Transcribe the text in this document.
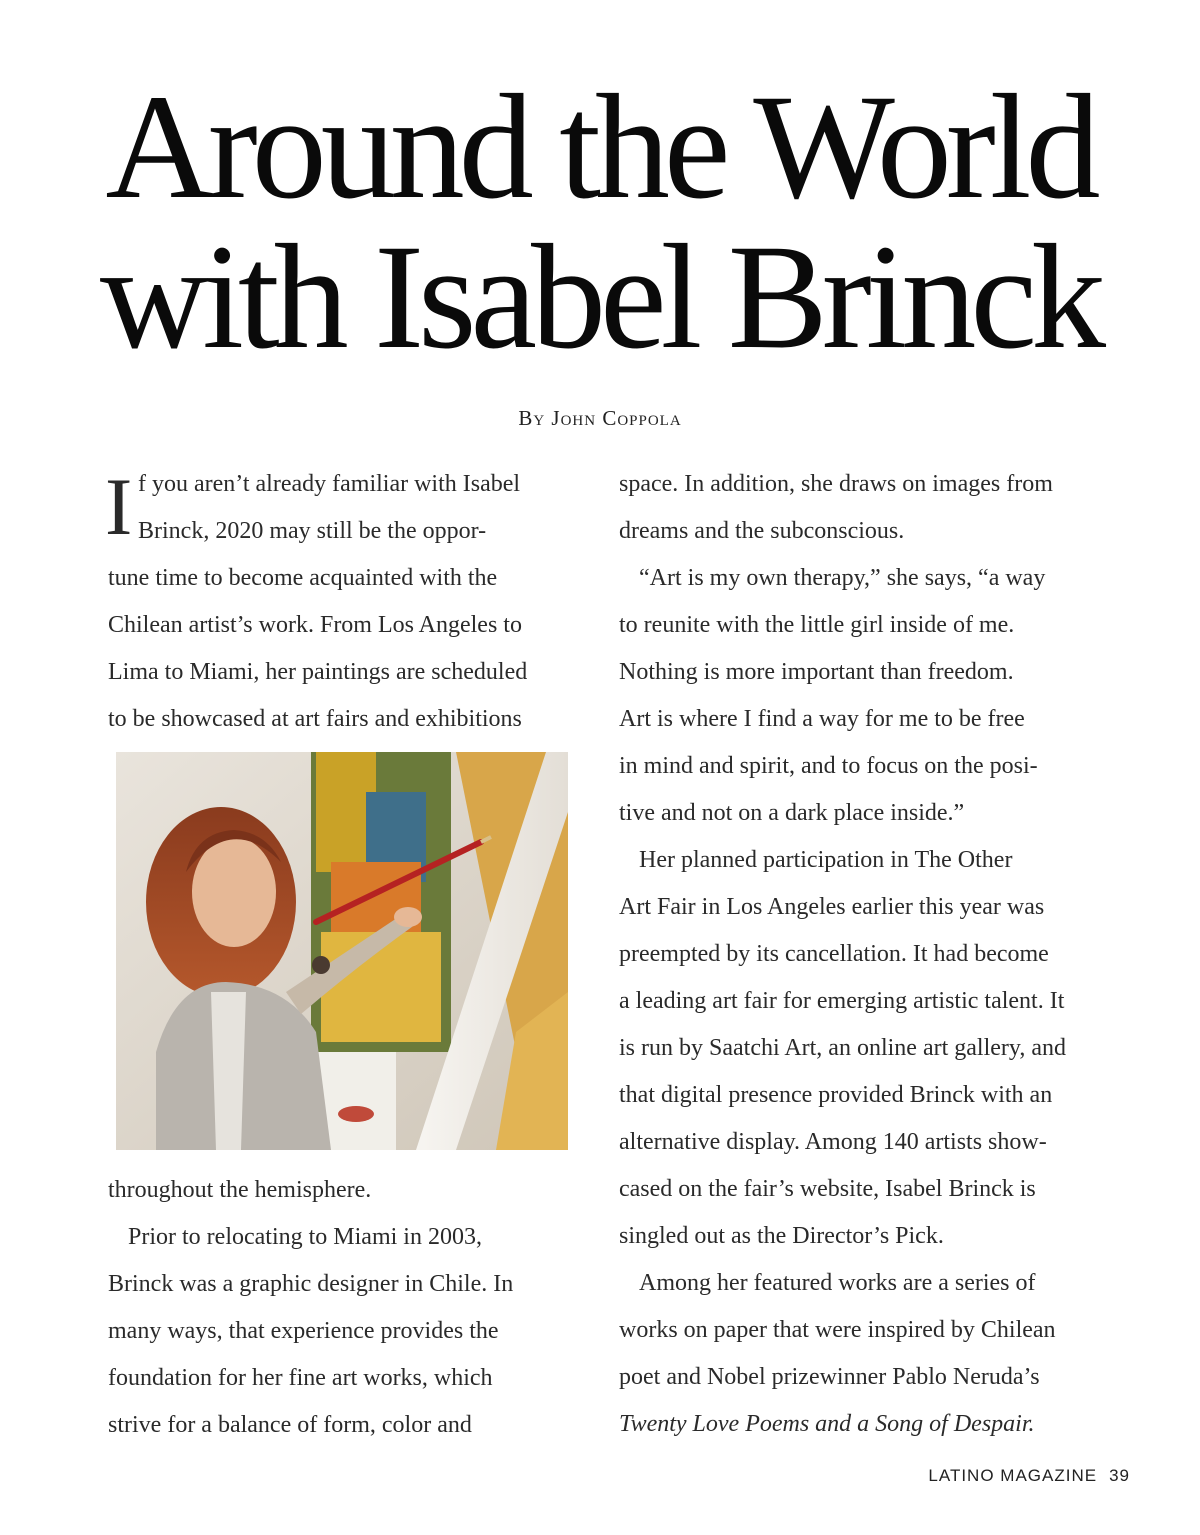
Around the World
with Isabel Brinck
By John Coppola
I f you aren’t already familiar with Isabel
Brinck, 2020 may still be the oppor-
tune time to become acquainted with the
Chilean artist’s work. From Los Angeles to
Lima to Miami, her paintings are scheduled
to be showcased at art fairs and exhibitions
throughout the hemisphere.
Prior to relocating to Miami in 2003,
Brinck was a graphic designer in Chile. In
many ways, that experience provides the
foundation for her fine art works, which
strive for a balance of form, color and
space. In addition, she draws on images from
dreams and the subconscious.
“Art is my own therapy,” she says, “a way
to reunite with the little girl inside of me.
Nothing is more important than freedom.
Art is where I find a way for me to be free
in mind and spirit, and to focus on the posi-
tive and not on a dark place inside.”
Her planned participation in The Other
Art Fair in Los Angeles earlier this year was
preempted by its cancellation. It had become
a leading art fair for emerging artistic talent. It
is run by Saatchi Art, an online art gallery, and
that digital presence provided Brinck with an
alternative display. Among 140 artists show-
cased on the fair’s website, Isabel Brinck is
singled out as the Director’s Pick.
Among her featured works are a series of
works on paper that were inspired by Chilean
poet and Nobel prizewinner Pablo Neruda’s
Twenty Love Poems and a Song of Despair.
LATINO MAGAZINE 39
